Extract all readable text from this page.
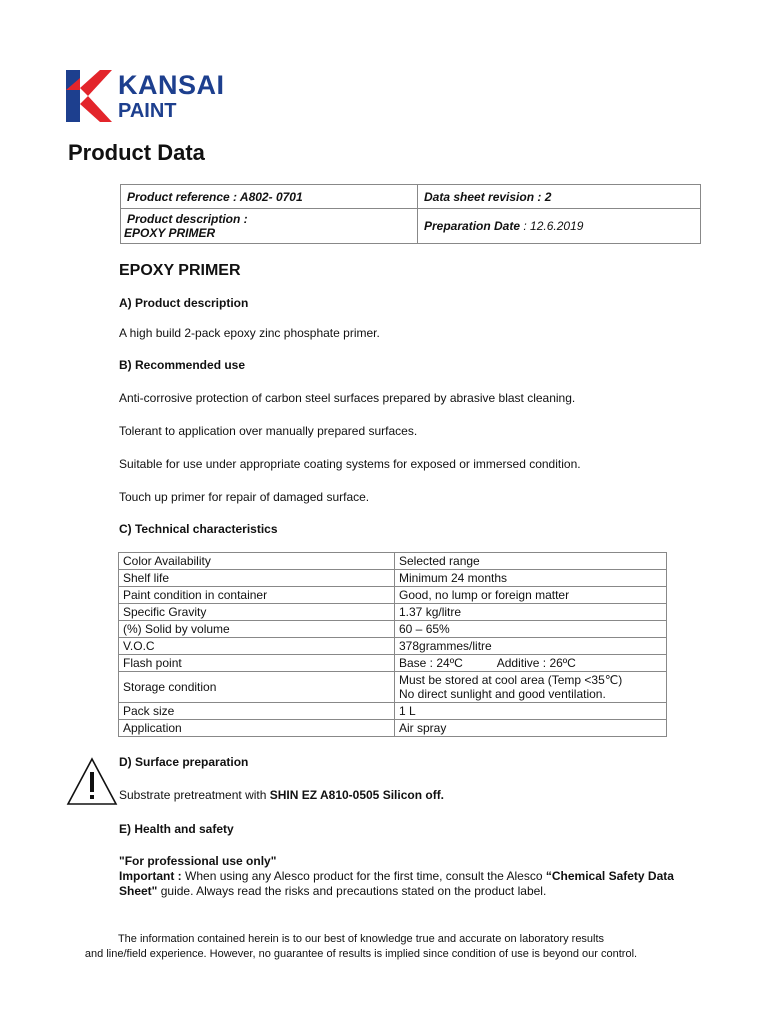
KANSAI
PAINT
Product Data
Product reference : A802- 0701	Data sheet revision : 2
Product description :
EPOXY PRIMER	Preparation Date : 12.6.2019
EPOXY PRIMER
A) Product description
A high build 2-pack epoxy zinc phosphate primer.
B) Recommended use
Anti-corrosive protection of carbon steel surfaces prepared by abrasive blast cleaning.
Tolerant to application over manually prepared surfaces.
Suitable for use under appropriate coating systems for exposed or immersed condition.
Touch up primer for repair of damaged surface.
C) Technical characteristics
Color Availability	Selected range
Shelf life	Minimum 24 months
Paint condition in container	Good, no lump or foreign matter
Specific Gravity	1.37 kg/litre
(%) Solid by volume	60 – 65%
V.O.C	378grammes/litre
Flash point	Base : 24ºC Additive : 26ºC
Storage condition	Must be stored at cool area (Temp <35℃)
No direct sunlight and good ventilation.

Pack size	1 L
Application	Air spray
D) Surface preparation
Substrate pretreatment with SHIN EZ A810-0505 Silicon off.
E) Health and safety
"For professional use only"
Important : When using any Alesco product for the first time, consult the Alesco “Chemical Safety Data Sheet" guide. Always read the risks and precautions stated on the product label.
The information contained herein is to our best of knowledge true and accurate on laboratory results
and line/field experience. However, no guarantee of results is implied since condition of use is beyond our control.
